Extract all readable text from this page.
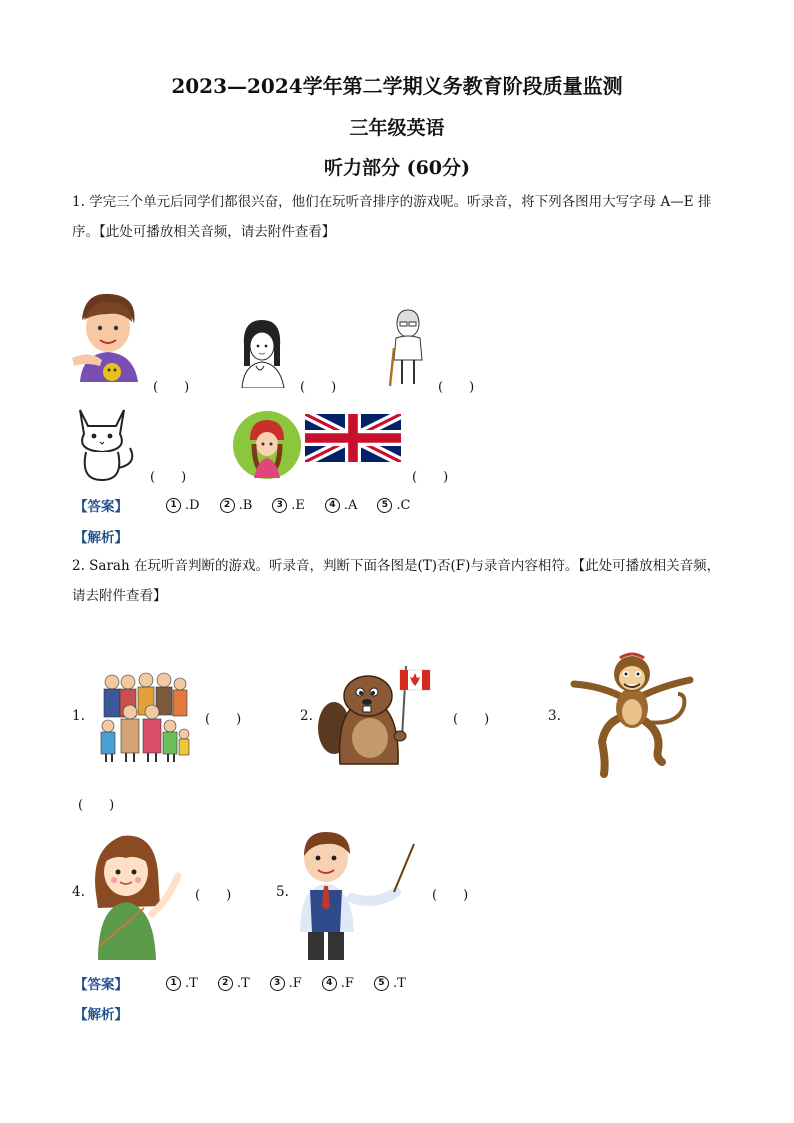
2023—2024学年第二学期义务教育阶段质量监测
三年级英语
听力部分 (60分)
1. 学完三个单元后同学们都很兴奋，他们在玩听音排序的游戏呢。听录音，将下列各图用大写字母 A—E 排序。【此处可播放相关音频，请去附件查看】
(　　)	(　　)	(　　)
(　　)	(　　)
【答案】	1 .D	2 .B	3 .E	4 .A	5 .C
【解析】
2. Sarah 在玩听音判断的游戏。听录音，判断下面各图是(T)否(F)与录音内容相符。【此处可播放相关音频，请去附件查看】
1.	(　　)	2.	(　　)	3.
(　　)
4.	(　　)	5.	(　　)
【答案】	1 .T	2 .T	3 .F	4 .F	5 .T
【解析】
